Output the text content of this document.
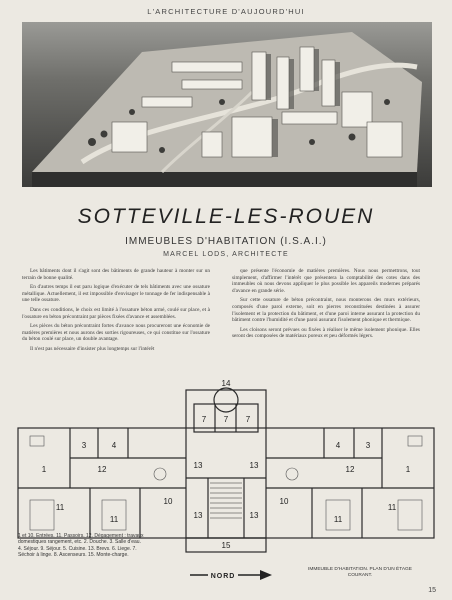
L'ARCHITECTURE D'AUJOURD'HUI
SOTTEVILLE-LES-ROUEN
IMMEUBLES D'HABITATION (I.S.A.I.)
MARCEL LODS, ARCHITECTE

Les bâtiments dont il s'agit sont des bâtiments de grande hauteur à monter sur un terrain de bonne qualité.

En d'autres temps il eut paru logique d'exécuter de tels bâtiments avec une ossature métallique. Actuellement, il est impossible d'envisager le tonnage de fer indispensable à une telle ossature.

Dans ces conditions, le choix est limité à l'ossature béton armé, coulé sur place, et à l'ossature en béton précontraint par pièces fixées d'avance et assemblées.

Les pièces du béton précontraint fortes d'avance nous procureront une économie de matières premières et nous aurons des sorties rigoureuses, ce qui constitue sur l'ossature du béton coulé sur place, un double avantage.

Il n'est pas nécessaire d'insister plus longtemps sur l'intérêt

que présente l'économie de matières premières. Nous nous permettrons, tout simplement, d'affirmer l'intérêt que présentera la comptabilité des cotes dans des immeubles où nous devons appliquer le plus possible les appareils modernes préparés d'avance en grande série.

Sur cette ossature de béton précontraint, nous monterons des murs extérieurs, composés d'une paroi externe, soit en pierres reconstituées destinées à assurer l'isolement et la protection du bâtiment, et d'une paroi interne assurant la protection du bâtiment contre l'humidité et d'une paroi assurant l'isolement phonique et thermique.

Les cloisons seront prévues ou fixées à réaliser le même isolement phonique. Elles seront des composées de matériaux poreux et peu déformés légers.

14
7 7 7
3	3
4	4
12	12
1	1
11	11
10	10
13	13
13	13
11	11
15
NORD
1 et 10. Entrées. 11. Passoirs. 12. Dégagement : travaux domestiques rangement, etc. 2. Douche. 3. Salle d'eau. 4. Séjour. 9. Séjour. 5. Cuisine. 13. Brevs. 6. Liege. 7. Séchoir à linge. 8. Ascenseurs. 15. Monte-charge.
IMMEUBLE D'HABITATION. PLAN D'UN ÉTAGE COURANT.
15
